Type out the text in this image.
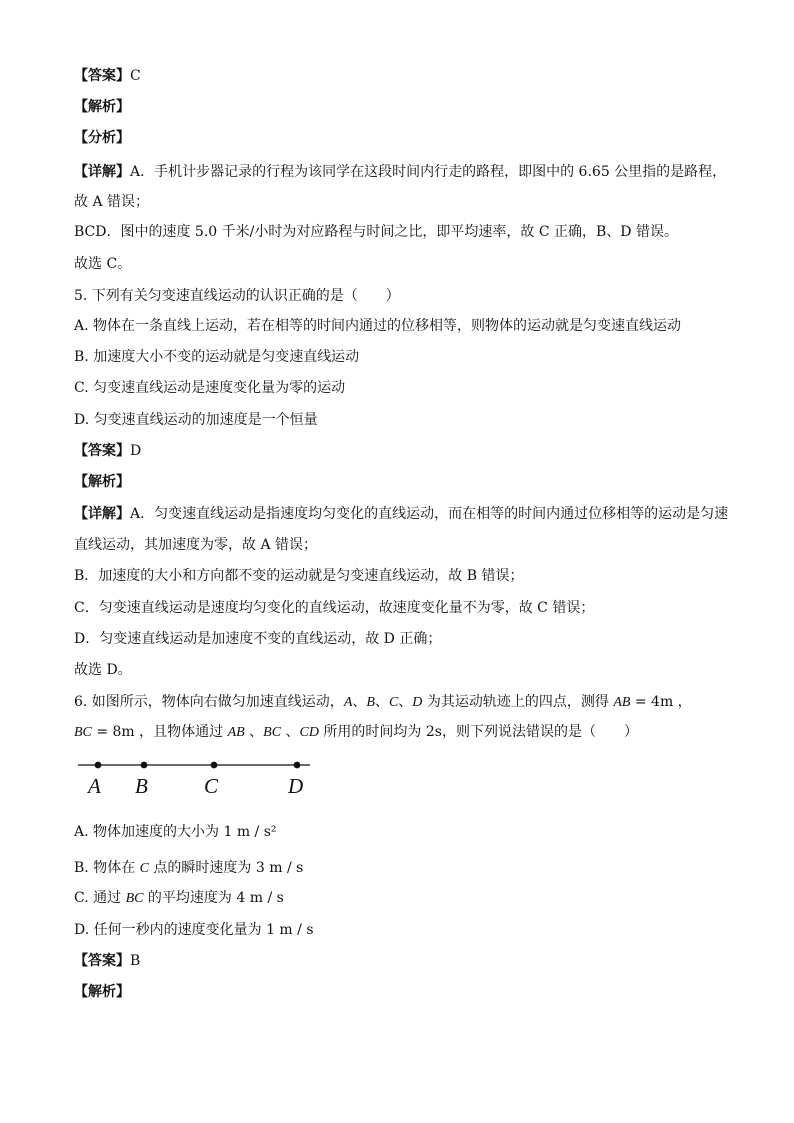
【答案】C
【解析】
【分析】
【详解】A．手机计步器记录的行程为该同学在这段时间内行走的路程，即图中的 6.65 公里指的是路程，
故 A 错误；
BCD．图中的速度 5.0 千米/小时为对应路程与时间之比，即平均速率，故 C 正确，B、D 错误。
故选 C。
5. 下列有关匀变速直线运动的认识正确的是（　　）
A. 物体在一条直线上运动，若在相等的时间内通过的位移相等，则物体的运动就是匀变速直线运动
B. 加速度大小不变的运动就是匀变速直线运动
C. 匀变速直线运动是速度变化量为零的运动
D. 匀变速直线运动的加速度是一个恒量
【答案】D
【解析】
【详解】A．匀变速直线运动是指速度均匀变化的直线运动，而在相等的时间内通过位移相等的运动是匀速
直线运动，其加速度为零，故 A 错误；
B．加速度的大小和方向都不变的运动就是匀变速直线运动，故 B 错误；
C．匀变速直线运动是速度均匀变化的直线运动，故速度变化量不为零，故 C 错误；
D．匀变速直线运动是加速度不变的直线运动，故 D 正确；
故选 D。
6. 如图所示，物体向右做匀加速直线运动，A、B、C、D 为其运动轨迹上的四点，测得 AB = 4m ，
BC = 8m ，且物体通过 AB 、BC 、CD 所用的时间均为 2s，则下列说法错误的是（　　）
A B	C	D
A. 物体加速度的大小为 1 m / s²
B. 物体在 C 点的瞬时速度为 3 m / s
C. 通过 BC 的平均速度为 4 m / s
D. 任何一秒内的速度变化量为 1 m / s
【答案】B
【解析】
